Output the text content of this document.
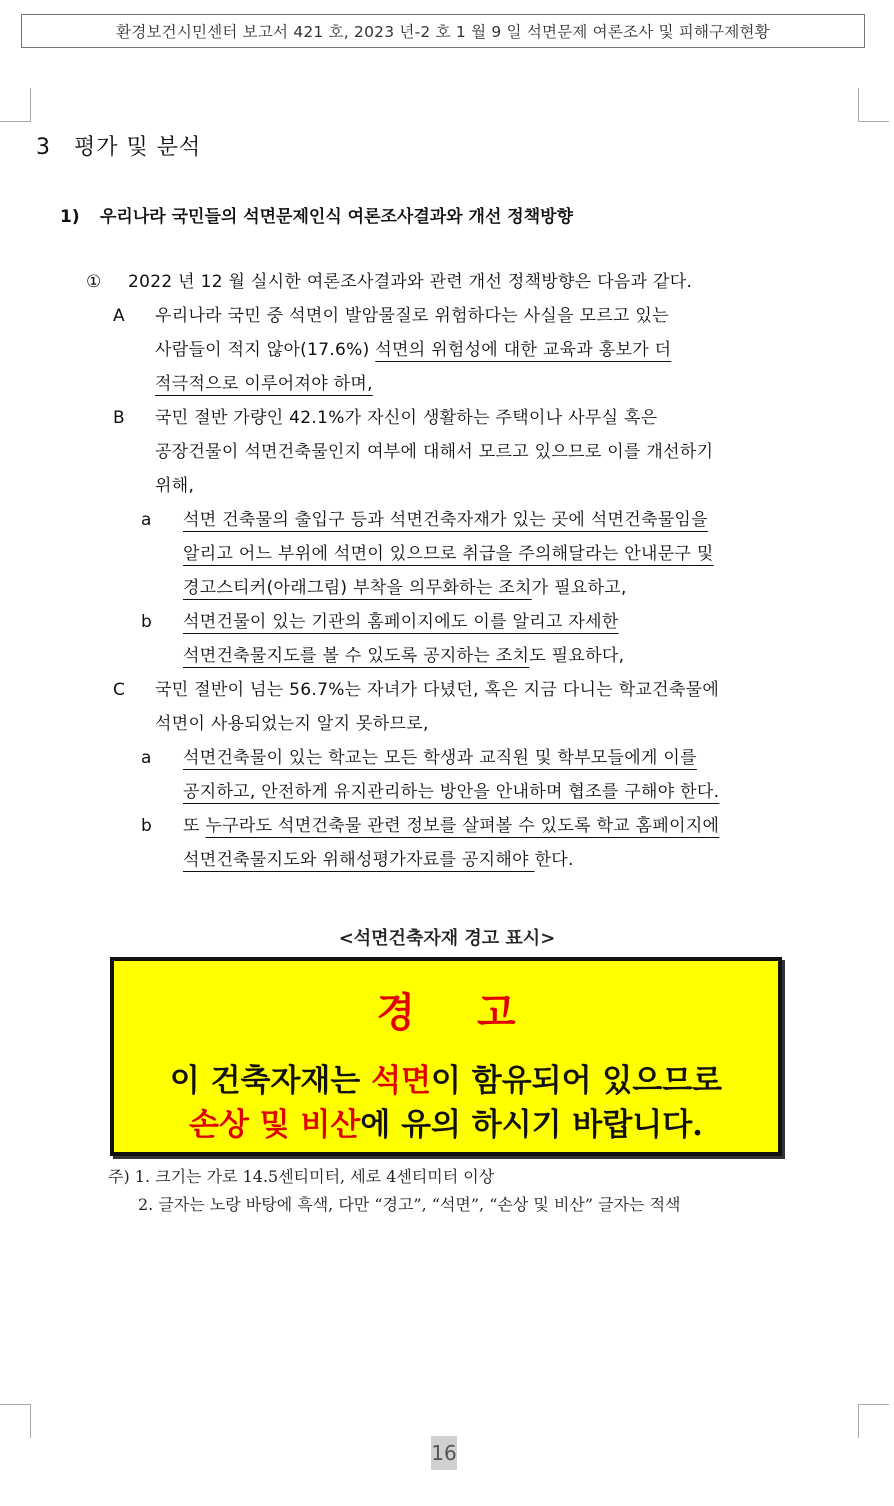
환경보건시민센터 보고서 421 호, 2023 년-2 호 1 월 9 일 석면문제 여론조사 및 피해구제현황
3 평가 및 분석
1) 우리나라 국민들의 석면문제인식 여론조사결과와 개선 정책방향
① 2022 년 12 월 실시한 여론조사결과와 관련 개선 정책방향은 다음과 같다.
A 우리나라 국민 중 석면이 발암물질로 위험하다는 사실을 모르고 있는
사람들이 적지 않아(17.6%) 석면의 위험성에 대한 교육과 홍보가 더
적극적으로 이루어져야 하며,
B 국민 절반 가량인 42.1%가 자신이 생활하는 주택이나 사무실 혹은
공장건물이 석면건축물인지 여부에 대해서 모르고 있으므로 이를 개선하기
위해,
a 석면 건축물의 출입구 등과 석면건축자재가 있는 곳에 석면건축물임을
알리고 어느 부위에 석면이 있으므로 취급을 주의해달라는 안내문구 및
경고스티커(아래그림) 부착을 의무화하는 조치가 필요하고,
b 석면건물이 있는 기관의 홈페이지에도 이를 알리고 자세한
석면건축물지도를 볼 수 있도록 공지하는 조치도 필요하다,
C 국민 절반이 넘는 56.7%는 자녀가 다녔던, 혹은 지금 다니는 학교건축물에
석면이 사용되었는지 알지 못하므로,
a 석면건축물이 있는 학교는 모든 학생과 교직원 및 학부모들에게 이를
공지하고, 안전하게 유지관리하는 방안을 안내하며 협조를 구해야 한다.
b 또 누구라도 석면건축물 관련 정보를 살펴볼 수 있도록 학교 홈페이지에
석면건축물지도와 위해성평가자료를 공지해야 한다.
<석면건축자재 경고 표시>
경 고
이 건축자재는 석면이 함유되어 있으므로
손상 및 비산에 유의 하시기 바랍니다.
주) 1. 크기는 가로 14.5센티미터, 세로 4센티미터 이상
2. 글자는 노랑 바탕에 흑색, 다만 “경고”, “석면”, “손상 및 비산” 글자는 적색
16
